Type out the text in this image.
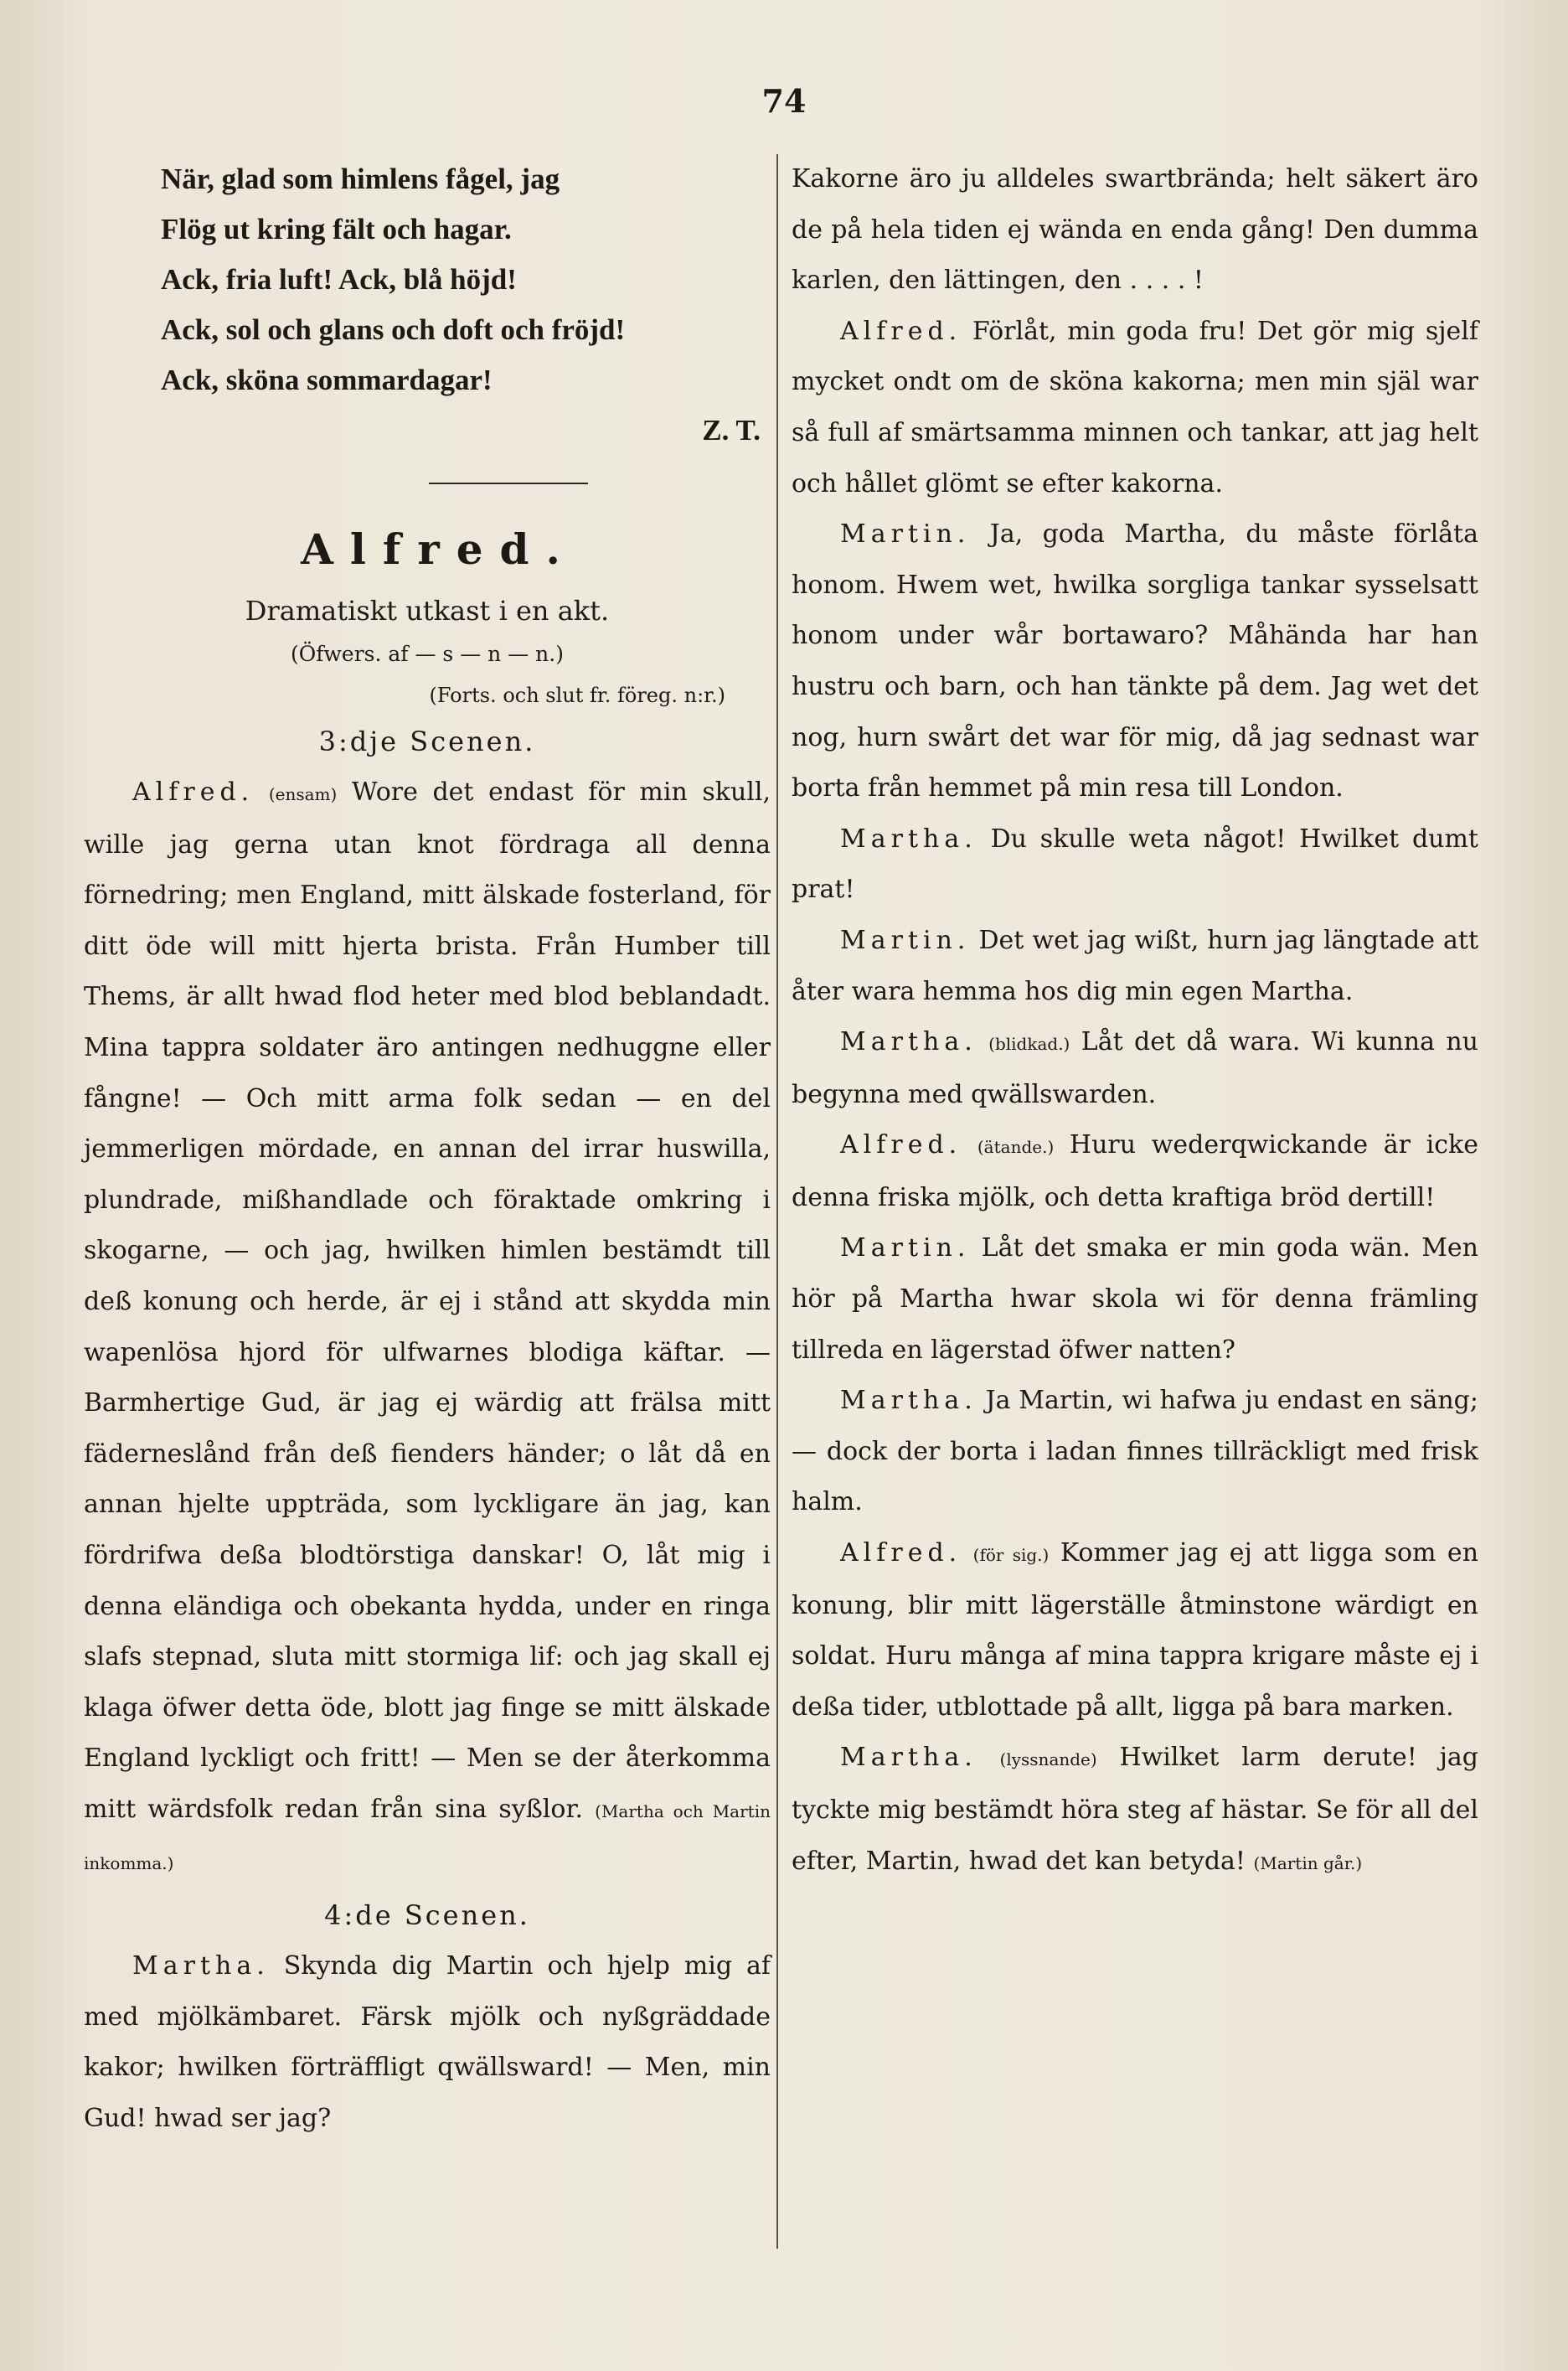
74

När, glad som himlens fågel, jag

Flög ut kring fält och hagar.

Ack, fria luft! Ack, blå höjd!

Ack, sol och glans och doft och fröjd!

Ack, sköna sommardagar!

Z. T.
Alfred.
Dramatiskt utkast i en akt.
(Öfwers. af — s — n — n.)
(Forts. och slut fr. föreg. n:r.)
3:dje Scenen.

Alfred. (ensam) Wore det endast för min skull, wille jag gerna utan knot fördraga all denna förnedring; men England, mitt älskade fosterland, för ditt öde will mitt hjerta brista. Från Humber till Thems, är allt hwad flod heter med blod beblandadt. Mina tappra soldater äro antingen nedhuggne eller fångne! — Och mitt arma folk sedan — en del jemmerligen mördade, en annan del irrar huswilla, plundrade, mißhandlade och föraktade omkring i skogarne, — och jag, hwilken himlen bestämdt till deß konung och herde, är ej i stånd att skydda min wapenlösa hjord för ulfwarnes blodiga käftar. — Barmhertige Gud, är jag ej wärdig att frälsa mitt fäderneslånd från deß fienders händer; o låt då en annan hjelte uppträda, som lyckligare än jag, kan fördrifwa deßa blodtörstiga danskar! O, låt mig i denna eländiga och obekanta hydda, under en ringa slafs stepnad, sluta mitt stormiga lif: och jag skall ej klaga öfwer detta öde, blott jag finge se mitt älskade England lyckligt och fritt! — Men se der återkomma mitt wärdsfolk redan från sina syßlor. (Martha och Martin inkomma.)

4:de Scenen.

Martha. Skynda dig Martin och hjelp mig af med mjölkämbaret. Färsk mjölk och nyßgräddade kakor; hwilken förträffligt qwällsward! — Men, min Gud! hwad ser jag?

Kakorne äro ju alldeles swartbrända; helt säkert äro de på hela tiden ej wända en enda gång! Den dumma karlen, den lättingen, den . . . . !

Alfred. Förlåt, min goda fru! Det gör mig sjelf mycket ondt om de sköna kakorna; men min själ war så full af smärtsamma minnen och tankar, att jag helt och hållet glömt se efter kakorna.

Martin. Ja, goda Martha, du måste förlåta honom. Hwem wet, hwilka sorgliga tankar sysselsatt honom under wår bortawaro? Måhända har han hustru och barn, och han tänkte på dem. Jag wet det nog, hurn swårt det war för mig, då jag sednast war borta från hemmet på min resa till London.

Martha. Du skulle weta något! Hwilket dumt prat!

Martin. Det wet jag wißt, hurn jag längtade att åter wara hemma hos dig min egen Martha.

Martha. (blidkad.) Låt det då wara. Wi kunna nu begynna med qwällswarden.

Alfred. (ätande.) Huru wederqwickande är icke denna friska mjölk, och detta kraftiga bröd dertill!

Martin. Låt det smaka er min goda wän. Men hör på Martha hwar skola wi för denna främling tillreda en lägerstad öfwer natten?

Martha. Ja Martin, wi hafwa ju endast en säng; — dock der borta i ladan finnes tillräckligt med frisk halm.

Alfred. (för sig.) Kommer jag ej att ligga som en konung, blir mitt lägerställe åtminstone wärdigt en soldat. Huru många af mina tappra krigare måste ej i deßa tider, utblottade på allt, ligga på bara marken.

Martha. (lyssnande) Hwilket larm derute! jag tyckte mig bestämdt höra steg af hästar. Se för all del efter, Martin, hwad det kan betyda! (Martin går.)
